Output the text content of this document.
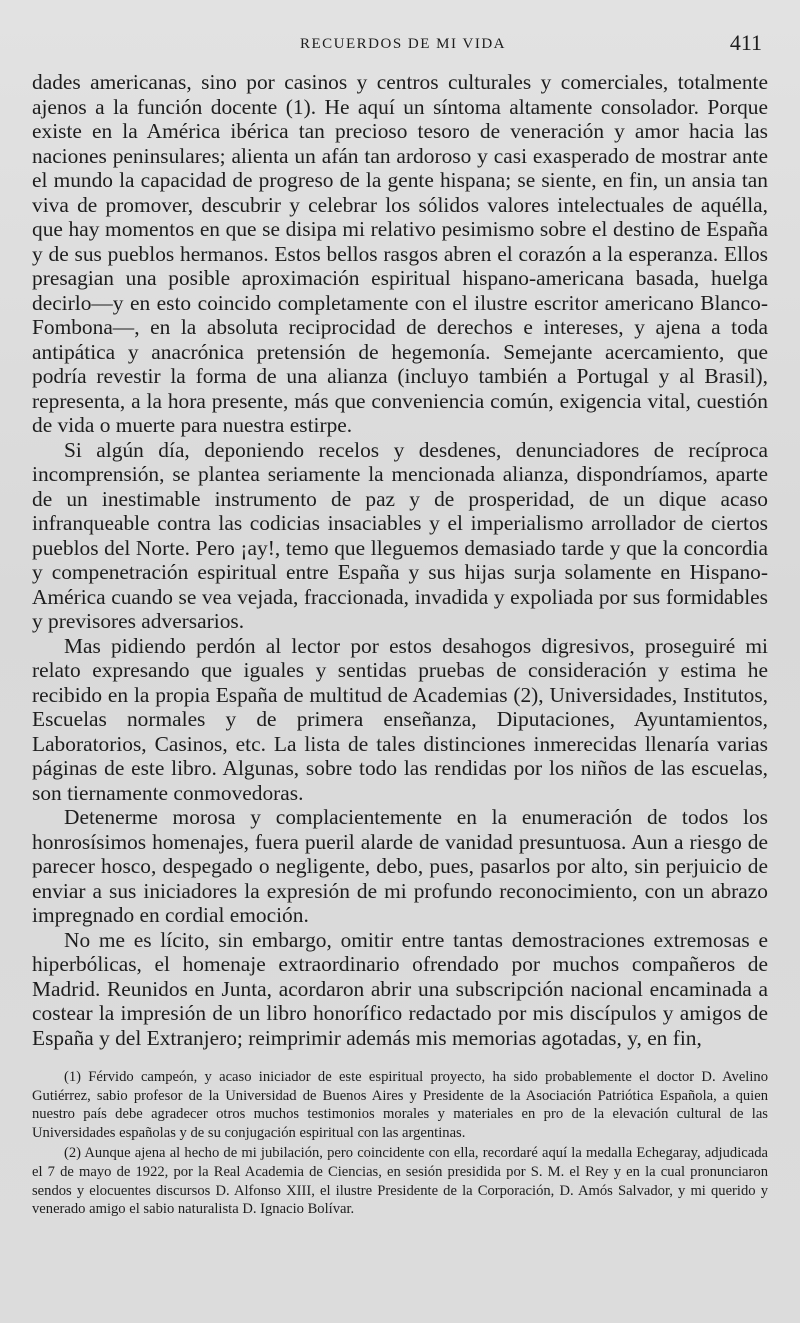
RECUERDOS DE MI VIDA	411

dades americanas, sino por casinos y centros culturales y comerciales, totalmente ajenos a la función docente (1). He aquí un síntoma altamente consolador. Porque existe en la América ibérica tan precioso tesoro de veneración y amor hacia las naciones peninsulares; alienta un afán tan ardoroso y casi exasperado de mostrar ante el mundo la capacidad de progreso de la gente hispana; se siente, en fin, un ansia tan viva de promover, descubrir y celebrar los sólidos valores intelectuales de aquélla, que hay momentos en que se disipa mi relativo pesimismo sobre el destino de España y de sus pueblos hermanos. Estos bellos rasgos abren el corazón a la esperanza. Ellos presagian una posible aproximación espiritual hispano-americana basada, huelga decirlo—y en esto coincido completamente con el ilustre escritor americano Blanco-Fombona—, en la absoluta reciprocidad de derechos e intereses, y ajena a toda antipática y anacrónica pretensión de hegemonía. Semejante acercamiento, que podría revestir la forma de una alianza (incluyo también a Portugal y al Brasil), representa, a la hora presente, más que conveniencia común, exigencia vital, cuestión de vida o muerte para nuestra estirpe.

Si algún día, deponiendo recelos y desdenes, denunciadores de recíproca incomprensión, se plantea seriamente la mencionada alianza, dispondríamos, aparte de un inestimable instrumento de paz y de prosperidad, de un dique acaso infranqueable contra las codicias insaciables y el imperialismo arrollador de ciertos pueblos del Norte. Pero ¡ay!, temo que lleguemos demasiado tarde y que la concordia y compenetración espiritual entre España y sus hijas surja solamente en Hispano-América cuando se vea vejada, fraccionada, invadida y expoliada por sus formidables y previsores adversarios.

Mas pidiendo perdón al lector por estos desahogos digresivos, proseguiré mi relato expresando que iguales y sentidas pruebas de consideración y estima he recibido en la propia España de multitud de Academias (2), Universidades, Institutos, Escuelas normales y de primera enseñanza, Diputaciones, Ayuntamientos, Laboratorios, Casinos, etc. La lista de tales distinciones inmerecidas llenaría varias páginas de este libro. Algunas, sobre todo las rendidas por los niños de las escuelas, son tiernamente conmovedoras.

Detenerme morosa y complacientemente en la enumeración de todos los honrosísimos homenajes, fuera pueril alarde de vanidad presuntuosa. Aun a riesgo de parecer hosco, despegado o negligente, debo, pues, pasarlos por alto, sin perjuicio de enviar a sus iniciadores la expresión de mi profundo reconocimiento, con un abrazo impregnado en cordial emoción.

No me es lícito, sin embargo, omitir entre tantas demostraciones extremosas e hiperbólicas, el homenaje extraordinario ofrendado por muchos compañeros de Madrid. Reunidos en Junta, acordaron abrir una subscripción nacional encaminada a costear la impresión de un libro honorífico redactado por mis discípulos y amigos de España y del Extranjero; reimprimir además mis memorias agotadas, y, en fin,

(1) Férvido campeón, y acaso iniciador de este espiritual proyecto, ha sido probablemente el doctor D. Avelino Gutiérrez, sabio profesor de la Universidad de Buenos Aires y Presidente de la Asociación Patriótica Española, a quien nuestro país debe agradecer otros muchos testimonios morales y materiales en pro de la elevación cultural de las Universidades españolas y de su conjugación espiritual con las argentinas.

(2) Aunque ajena al hecho de mi jubilación, pero coincidente con ella, recordaré aquí la medalla Echegaray, adjudicada el 7 de mayo de 1922, por la Real Academia de Ciencias, en sesión presidida por S. M. el Rey y en la cual pronunciaron sendos y elocuentes discursos D. Alfonso XIII, el ilustre Presidente de la Corporación, D. Amós Salvador, y mi querido y venerado amigo el sabio naturalista D. Ignacio Bolívar.
